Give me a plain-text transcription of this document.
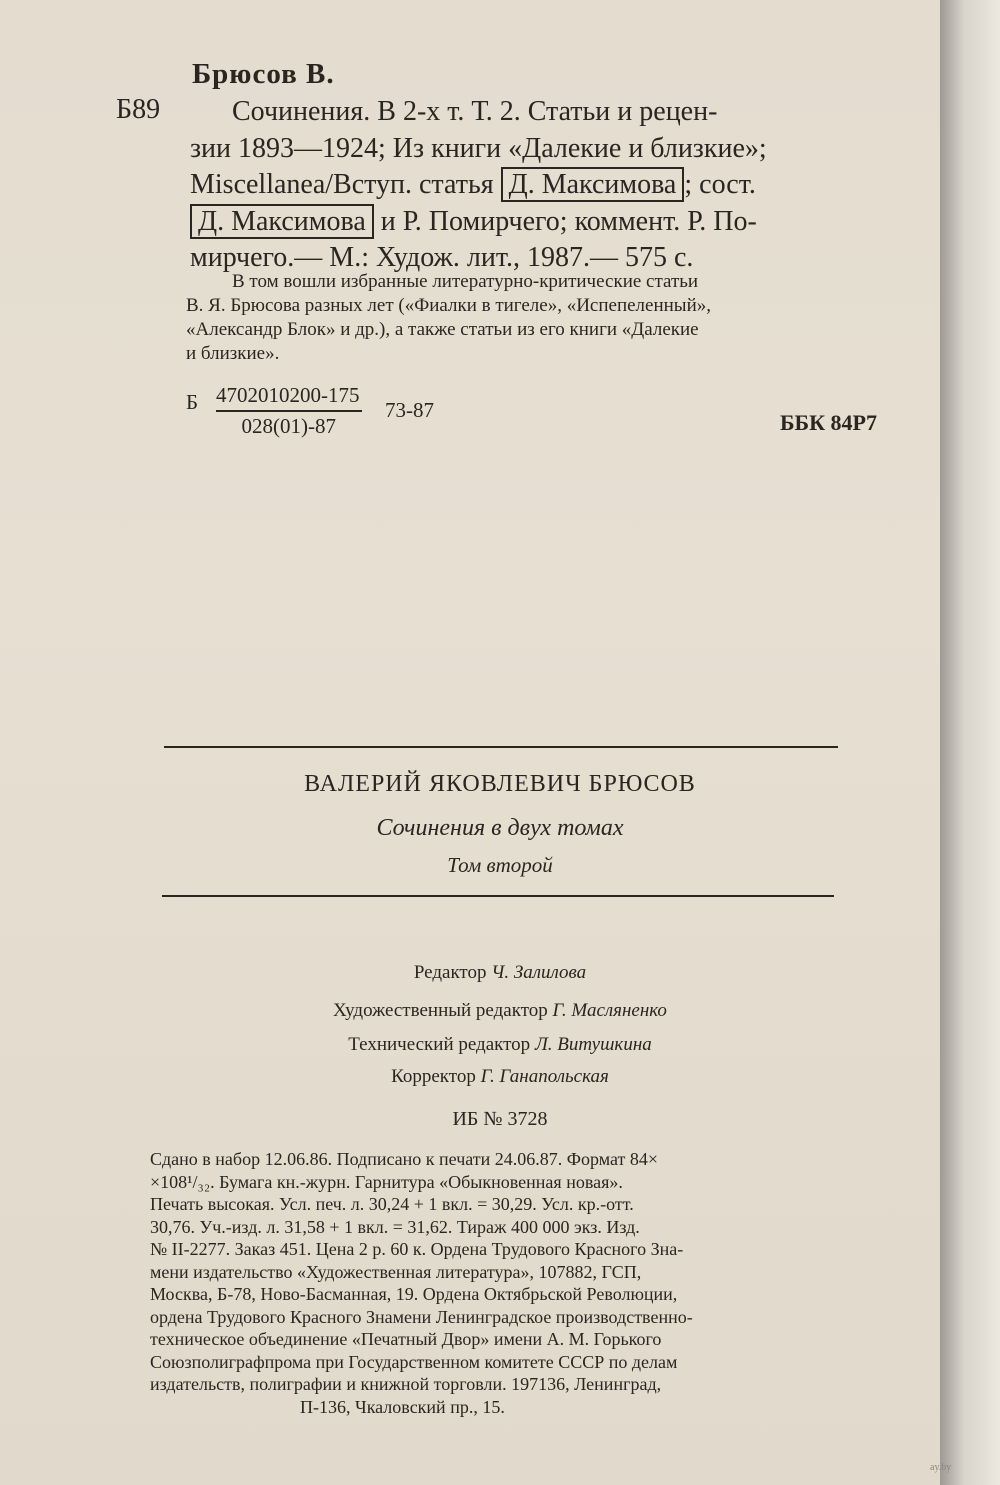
Брюсов В.
Б89	Сочинения. В 2-х т. Т. 2. Статьи и рецен-
зии 1893—1924; Из книги «Далекие и близкие»;
Miscellanea/Вступ. статья Д. Максимова ; сост.
Д. Максимова и Р. Помирчего; коммент. Р. По-
мирчего.— М.: Худож. лит., 1987.— 575 с.
В том вошли избранные литературно-критические статьи
В. Я. Брюсова разных лет («Фиалки в тигеле», «Испепеленный»,
«Александр Блок» и др.), а также статьи из его книги «Далекие
и близкие».
Б $\frac{4702010200-175}{028(01)-87} 73-87$	ББК 84Р7
ВАЛЕРИЙ ЯКОВЛЕВИЧ БРЮСОВ
Сочинения в двух томах
Том второй
Редактор Ч. Залилова
Художественный редактор Г. Масляненко
Технический редактор Л. Витушкина
Корректор Г. Ганапольская
ИБ № 3728
Сдано в набор 12.06.86. Подписано к печати 24.06.87. Формат 84×
×108¹/₃₂. Бумага кн.-журн. Гарнитура «Обыкновенная новая».
Печать высокая. Усл. печ. л. 30,24 + 1 вкл. = 30,29. Усл. кр.-отт.
30,76. Уч.-изд. л. 31,58 + 1 вкл. = 31,62. Тираж 400 000 экз. Изд.
№ II-2277. Заказ 451. Цена 2 р. 60 к. Ордена Трудового Красного Зна-
мени издательство «Художественная литература», 107882, ГСП,
Москва, Б-78, Ново-Басманная, 19. Ордена Октябрьской Революции,
ордена Трудового Красного Знамени Ленинградское производственно-
техническое объединение «Печатный Двор» имени А. М. Горького
Союзполиграфпрома при Государственном комитете СССР по делам
издательств, полиграфии и книжной торговли. 197136, Ленинград,
П-136, Чкаловский пр., 15.
ay.by
